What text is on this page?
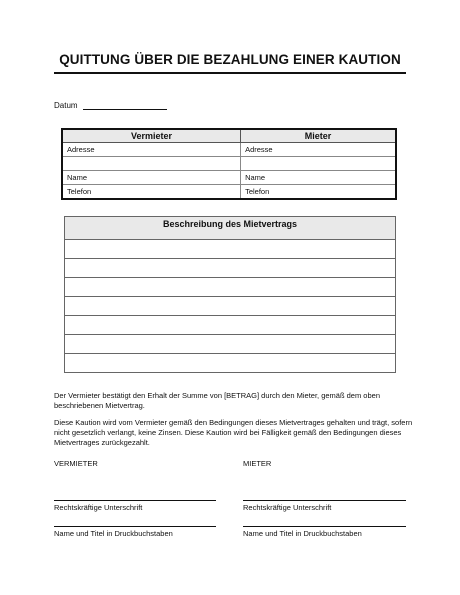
QUITTUNG ÜBER DIE BEZAHLUNG EINER KAUTION
Datum
Vermieter	Mieter
Adresse	Adresse

Name	Name
Telefon	Telefon
Beschreibung des Mietvertrags

Der Vermieter bestätigt den Erhalt der Summe von [BETRAG] durch den Mieter, gemäß dem oben beschriebenen Mietvertrag.
Diese Kaution wird vom Vermieter gemäß den Bedingungen dieses Mietvertrages gehalten und trägt, sofern nicht gesetzlich verlangt, keine Zinsen. Diese Kaution wird bei Fälligkeit gemäß den Bedingungen dieses Mietvertrages zurückgezahlt.
VERMIETER	MIETER
Rechtskräftige Unterschrift	Rechtskräftige Unterschrift
Name und Titel in Druckbuchstaben	Name und Titel in Druckbuchstaben
